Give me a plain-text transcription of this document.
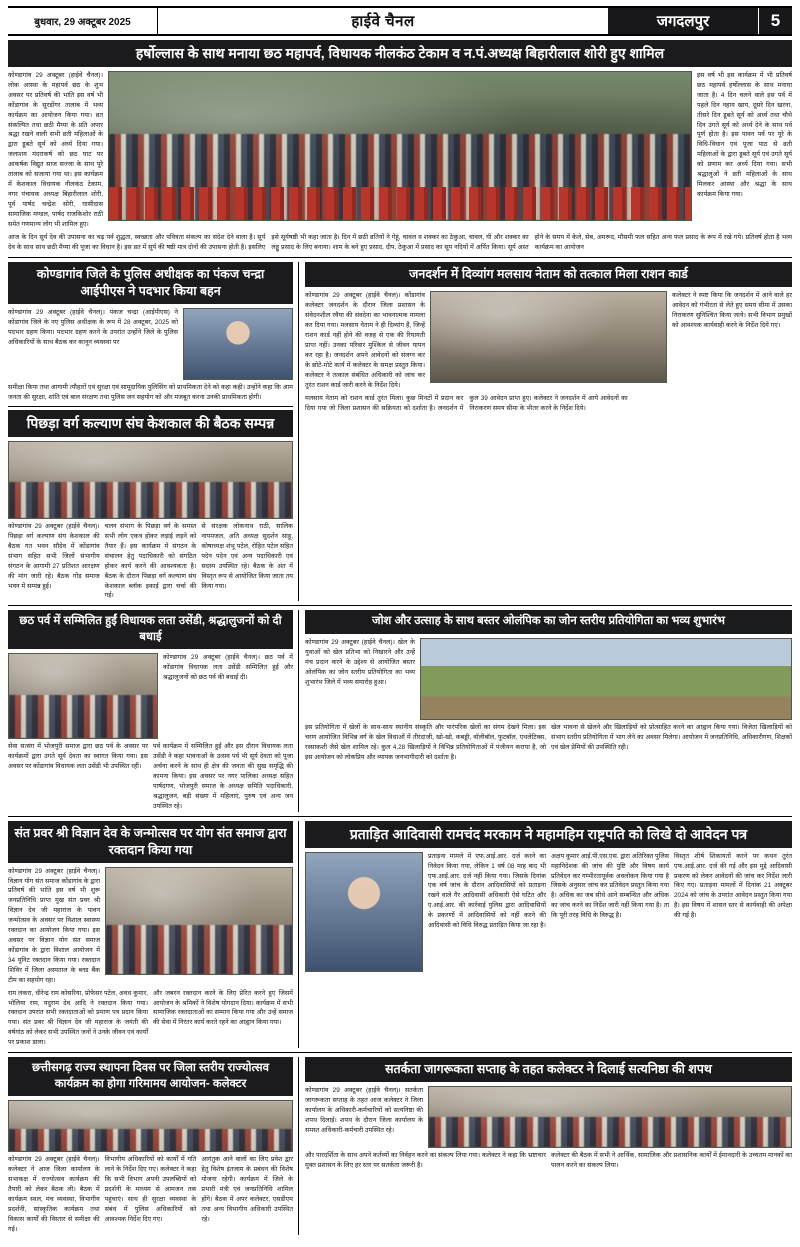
बुधवार, 29 अक्टूबर 2025	हाईवे चैनल	जगदलपुर	5
हर्षोल्लास के साथ मनाया छठ महापर्व, विधायक नीलकंठ टेकाम व न.पं.अध्यक्ष बिहारीलाल शोरी हुए शामिल
कोण्डागांव 29 अक्टूबर (हाईवे चैनल)। लोक आस्था के महापर्व छठ के शुभ अवसर पर प्रतिवर्ष की भांति इस वर्ष भी कोंडागांव के सुरडोंगर तालाब में भव्य कार्यक्रम का आयोजन किया गया। व्रत संकल्पित तथा छठी मैय्या के प्रति अपार श्रद्धा रखने वाली सभी व्रती महिलाओं के द्वारा डूबते सूर्य को अर्ध्य दिया गया। जलाशय मंदराकर्ष को छठ घाट पर आकर्षक विद्युत साज सज्जा के साथ पूरे तालाब को सजाया गया था। इस कार्यक्रम में केशकाल विधायक नीलकंठ टेकाम, नगर पंचायक अध्यक्ष बिहारीलाल शोरी, पूर्व पार्षद चन्द्रेश सोरी, घासीदास सामाजिक मण्डल, पार्षद राजकिशोर राठी समेत गणमान्य लोग भी शामिल हुए।
इस वर्ष भी इस कार्यक्रम में भी प्रतिवर्ष छठ महापर्व हर्षोल्लास के साथ मनाया जाता है। 4 दिन चलने वाले इस पर्व में पहले दिन नहाय खाय, दूसरे दिन खरना, तीसरे दिन डूबते सूर्य को अर्ध्य तथा चौथे दिन उगते सूर्य को अर्ध्य देने के साथ पर्व पूर्ण होता है। इस पावन पर्व पर पूरे के विधि-विधान एवं पूजा पाठ से व्रती महिलाओं के द्वारा डूबते सूर्य एवं उगते सूर्य को प्रणाम कर अर्ध्य दिया गया। सभी श्रद्धालुओं ने व्रती महिलाओं के साथ मिलकर आस्था और श्रद्धा के साथ कार्यक्रम किया गया।
आज के दिन सूर्य देव की उपासना का चढ़ पर्व शुद्धता, स्वच्छता और पवित्रता संकल्प का संदेश देने वाला है। सूर्य देव के साथ साथ छठी मैय्या की पूजा का विधान है। इस व्रत में सूर्य की षष्ठी मात्र दोनों की उपासना होती है। इसलिए इसे सूर्यषष्ठी भी कहा जाता है। दिन में छठी व्रतियों ने गेहूं, चावल व शक्कर का ठेकुआ, चावल, घी और शक्कर का लड्डू प्रसाद के लिए बनाया। शाम के बने हुए प्रसाद, दीप, ठेकुआ में प्रसाद का सूप नदियों में अर्पित किया। सूर्य अस्त होने के समय में केले, सेब, अमरूद, मौसमी फल सहित अन्य फल प्रसाद के रूप में रखे गये। प्रतिवर्ष होता है भव्य कार्यक्रम का आयोजन
कोण्डागांव जिले के पुलिस अधीक्षक का पंकज चन्द्रा आईपीएस ने पदभार किया बहन
कोण्डागांव 29 अक्टूबर (हाईवे चैनल)। पंकज चन्द्रा (आईपीएस) ने कोंडागांव जिले के नए पुलिस अधीक्षक के रूप में 28 अक्टूबर, 2025 को पदभार ग्रहण किया। पदभार ग्रहण करने के उपरांत उन्होंने जिले के पुलिस अधिकारियों के साथ बैठक कर कानून व्यवस्था पर
समीक्षा किया तथा आगामी त्यौहारों एवं सुरक्षा एवं सामूदायिक पुलिसिंग को प्राथमिकता देने को कहा कही। उन्होंने कहा कि आम जनता की सुरक्षा, शांति एवं बाल संरक्षण तथा पुलिस जन सहयोग को और मजबूत करना उनकी प्राथमिकता होगी।
पिछड़ा वर्ग कल्याण संघ केशकाल की बैठक सम्पन्न
कोण्डागांव 29 अक्टूबर (हाईवे चैनल)। पिछड़ा वर्ग कल्याण संघ केशकाल की बैठक गत भवन सौदेव में कोंडागांव संभाग सहित सभी जिलों संभागीय संगठन के आगामी 27 प्रतिशत आरक्षण की मांग जारी रहे। बैठक गोंड समाज भवन में सम्पन्न हुई।
चलन संभाग के पिछड़ा वर्ग के समस्त सभी लोग एकत्र होकर लड़ाई लड़ने को तैयार हैं। इस कार्यक्रम में संगठन के संचालन हेतु पदाधिकारी को संगठित होकर कार्य करने की आवश्यकता है। बैठक के दौरान पिछड़ा वर्ग कल्याण संघ केशकाल ब्लॉक इकाई द्वारा चर्चा की गई।
से संरक्षक लोकनाथ राठी, सालिक नायमजल, अति अध्यक्ष सुदर्शन साहू, कोषाध्यक्ष शंभू पटेल, रोहित पटेल सहित पदेन पदेन एवं अन्य पदाधिकारी एवं सदस्य उपस्थित रहे। बैठक के अंत में विस्तृत रूप से आयोजित किया जाता तय किया गया।
जनदर्शन में दिव्यांग मलसाय नेताम को तत्काल मिला राशन कार्ड
कोण्डागांव 29 अक्टूबर (हाईवे चैनल)। कोंडागांव कलेक्टर जनदर्शन के दौरान जिला प्रशासन के संवेदनशील रवैया की संवदेना का भावनात्मक मामला कर दिया गया। मलसाय नेताम ने ही दिव्यांग हैं, जिन्हें राशन कार्ड नहीं होने की वजह से एक की रियायती प्राप्त नहीं। उनका परिवार मुश्किल से जीवन यापन कर रहा है। जनदर्शन अपने आवेदनों को संलग्न कर के छोटे-मोटे कार्य में कलेक्टर के समक्ष प्रस्तुत किया। कलेक्टर ने तत्काल संबंधित अधिकारी को जांच कर तुरंत राशन कार्ड जारी करने के निर्देश दिये।
कलेक्टर ने स्पष्ट किया कि जनदर्शन में आने वाले हर आवेदन को गंभीरता से लेते हुए समय सीमा में उसका निराकरण सुनिश्चित किया जाये। सभी विभाग प्रमुखों को आवश्यक कार्यवाही करने के निर्देश दिये गए।
मलसाय नेताम को राशन कार्ड तुरंत मिला। कुछ मिनटों में प्रदान कर दिया गया जो जिला प्रशासन की सक्रियता को दर्शाता है। जनदर्शन में कुल 39 आवेदन प्राप्त हुए। कलेक्टर ने जनदर्शन में आये आवेदनों का निराकरण समय सीमा के भीतर करने के निर्देश दिये।
छठ पर्व में सम्मिलित हुईं विधायक लता उसेंडी, श्रद्धालुजनों को दी बधाई
कोण्डागांव 29 अक्टूबर (हाईवे चैनल)। छठ पर्व में कोंडागांव विधायक लता उसेंडी सम्मिलित हुईं और श्रद्धालुजनों को छठ पर्व की बधाई दी।
सेवा सत्संग में भोजपुरी समाज द्वारा छठ पर्व के अवसर पर कार्यक्रमों द्वारा उगते सूर्य देवता का स्वागत किया गया। इस अवसर पर कोंडागांव विधायक लता उसेंडी भी उपस्थित रहीं।
पर्व कार्यक्रम में सम्मिलित हुईं और इस दौरान विधायक लता उसेंडी ने कहा भावनाओं के उत्सव पर्व भी सूर्य देवता को पूजा अर्चना करने के साथ ही क्षेत्र की जनता की सुख समृद्धि की कामना किया। इस अवसर पर नगर पालिका अध्यक्ष सहित पार्षदगण, भोजपुरी समाज के अध्यक्ष समिति पदाधिकारी, श्रद्धालुजन, बड़ी संख्या में महिलाएं, पुरुष एवं अन्य जन उपस्थित रहे।
जोश और उत्साह के साथ बस्तर ओलंपिक का जोन स्तरीय प्रतियोगिता का भव्य शुभारंभ
कोण्डागांव 29 अक्टूबर (हाईवे चैनल)। खेल के युवाओं को खेल प्रतिभा को निखारने और उन्हें मंच प्रदान करने के उद्देश्य से आयोजित बस्तर ओलंपिक का जोन स्तरीय प्रतियोगिता का भव्य शुभारंभ जिले में भव्य समारोह हुआ।
इस प्रतियोगिता में खेलों के साथ-साथ स्थानीय संस्कृति और पारंपरिक खेलों का संगम देखने मिला। इस चरण आयोजित विभिन्न वर्ग के खेल विधाओं में तीरंदाजी, खो-खो, कबड्डी, वॉलीबॉल, फुटबॉल, एथलेटिक्स, रस्साकशी जैसे खेल शामिल रहे। कुल 4,28 खिलाड़ियों ने विभिन्न प्रतियोगिताओं में पंजीयन कराया है, जो इस आयोजन को लोकप्रिय और व्यापक जनभागीदारी को दर्शाता है।
खेल भावना से खेलने और खिलाड़ियों को प्रोत्साहित करने का आह्वान किया गया। विजेता खिलाड़ियों को संभाग स्तरीय प्रतियोगिता में भाग लेने का अवसर मिलेगा। आयोजन में जनप्रतिनिधि, अधिकारीगण, शिक्षकों एवं खेल प्रेमियों की उपस्थिति रही।
संत प्रवर श्री विज्ञान देव के जन्मोत्सव पर योग संत समाज द्वारा रक्तदान किया गया
कोण्डागांव 29 अक्टूबर (हाईवे चैनल)। विज्ञान योग संत समाज कोंडागांव के द्वारा प्रतिवर्ष की भांति इस वर्ष भी शुरू जनप्रतिनिधि प्राप्त मुख संत प्रवर श्री विज्ञान देव जी महाराज के पावन जन्मोत्सव के अवसर पर विशाल स्वास्थ्य रक्तदान का आयोजन किया गया। इस अवसर पर विज्ञान योग संत समाज कोंडागांव के द्वारा विशाल आयोजन में 34 यूनिट रक्तदान किया गया। रक्तदान शिविर में जिला अस्पताल के ब्लड बैंक टीम का सहयोग रहा।
राम लंकरा, धीरेन्द्र राम कोसरिया, प्रोफेसर पटेल, अवध कुमार, भोलिया राम, यदुराम देव आदि ने रक्तदान किया गया। रक्तदान उपरांत सभी रक्तदाताओं को प्रमाण पत्र प्रदान किया गया। संत प्रवर श्री विज्ञान देव जी महाराज के जयंती की वर्षगांठ को लेकर सभी उपस्थित जनों ने उनके जीवन एवं कार्यों पर प्रकाश डाला।
और जबरन रक्तदान करने के लिए प्रेरित करने हुए जिसमें आयोजन के श्रमिकों ने विशेष योगदान दिया। कार्यक्रम में सभी सामाजिक रक्तदाताओं का सम्मान किया गया और उन्हें समाज की सेवा में निरंतर कार्य करते रहने का आह्वान किया गया।
प्रताड़ित आदिवासी रामचंद मरकाम ने महामहिम राष्ट्रपति को लिखे दो आवेदन पत्र
प्रताड़ना मामले में एफ.आई.आर. दर्ज करने का निवेदन किया गया, लेकिन 1 वर्ष 08 माह बाद भी एफ.आई.आर. दर्ज नहीं किया गया। जिसके दिनांक एक वर्ष जांच के दौरान आदिवासियों को प्रताड़ना रखने वाले गैर आदिवासी अधिकारी ऐसे घटित और ए.आई.आर. की कार्रवाई पुलिस द्वारा आदिवासियों के प्रकरणों में आदिवासियों को नहीं करने की आदिवासी को विधि विरुद्ध प्रताड़ित किया जा रहा है।
अक्षय कुमार आई.पी.एस.एस. द्वारा अतिरिक्त पुलिस महानिदेशक की जांच की पुष्टि और विषय कार्य प्रतिवेदन कर गम्भीरतापूर्वक अवलोकन किया गया है जिसके अनुसार जांच कर प्रतिवेदन प्रस्तुत किया गया है। अधिक का जब सीधे आने सम्बन्धित और अधिक का जांच करने का निर्देश जारी नहीं किया गया है। ता कि पूरी तरह विधि के विरुद्ध है।
विस्तृत शीर्ष शिकायतों करने पर कथन तुरंत एफ.आई.आर. दर्ज की गई और इस मुद्दे आदिवासी प्रकरण को लेकर आवेदनों की जांच कर निर्देश जारी किए गए। प्रताड़ना मामलों में दिनांक 21 अक्टूबर 2024 को जांच के उपरांत आवेदन प्रस्तुत किया गया है। इस विषय में शासन स्तर से कार्यवाही की अपेक्षा की गई है।
छत्तीसगढ़ राज्य स्थापना दिवस पर जिला स्तरीय राज्योत्सव कार्यक्रम का होगा गरिमामय आयोजन- कलेक्टर
कोण्डागांव 29 अक्टूबर (हाईवे चैनल)। कलेक्टर ने आज जिला कार्यालय के सभाकक्ष में राज्योत्सव कार्यक्रम की तैयारी को लेकर बैठक ली। बैठक में कार्यक्रम स्थल, मंच व्यवस्था, विभागीय प्रदर्शनी, सांस्कृतिक कार्यक्रम तथा विकास कार्यों की विस्तार से समीक्षा की गई।
विभागीय अधिकारियों को कार्यों में गति लाने के निर्देश दिए गए। कलेक्टर ने कहा कि सभी विभाग अपनी उपलब्धियों को प्रदर्शनी के माध्यम से आमजन तक पहुंचाएं। साथ ही सुरक्षा व्यवस्था के संबंध में पुलिस अधिकारियों को आवश्यक निर्देश दिए गए।
आगंतुक आने वालों का लिए प्रवेश द्वार हेतु विशेष इंतजाम के प्रबंधन की विशेष योजना रहेगी। कार्यक्रम में जिले के प्रभारी मंत्री एवं जनप्रतिनिधि शामिल होंगे। बैठक में अपर कलेक्टर, एसडीएम तथा अन्य विभागीय अधिकारी उपस्थित रहे।
सतर्कता जागरूकता सप्ताह के तहत कलेक्टर ने दिलाई सत्यनिष्ठा की शपथ
कोण्डागांव 29 अक्टूबर (हाईवे चैनल)। सतर्कता जागरूकता सप्ताह के तहत आज कलेक्टर ने जिला कार्यालय के अधिकारी-कर्मचारियों को सत्यनिष्ठा की शपथ दिलाई। शपथ के दौरान जिला कार्यालय के समस्त अधिकारी-कर्मचारी उपस्थित रहे।
और पारदर्शिता के साथ अपने कर्तव्यों का निर्वहन करने का संकल्प लिया गया। कलेक्टर ने कहा कि भ्रष्टाचार मुक्त प्रशासन के लिए हर स्तर पर सतर्कता जरूरी है।
कलेक्टर की बैठक में सभी ने आर्थिक, सामाजिक और प्रशासनिक कार्यों में ईमानदारी के उच्चतम मानकों का पालन करने का संकल्प लिया।
